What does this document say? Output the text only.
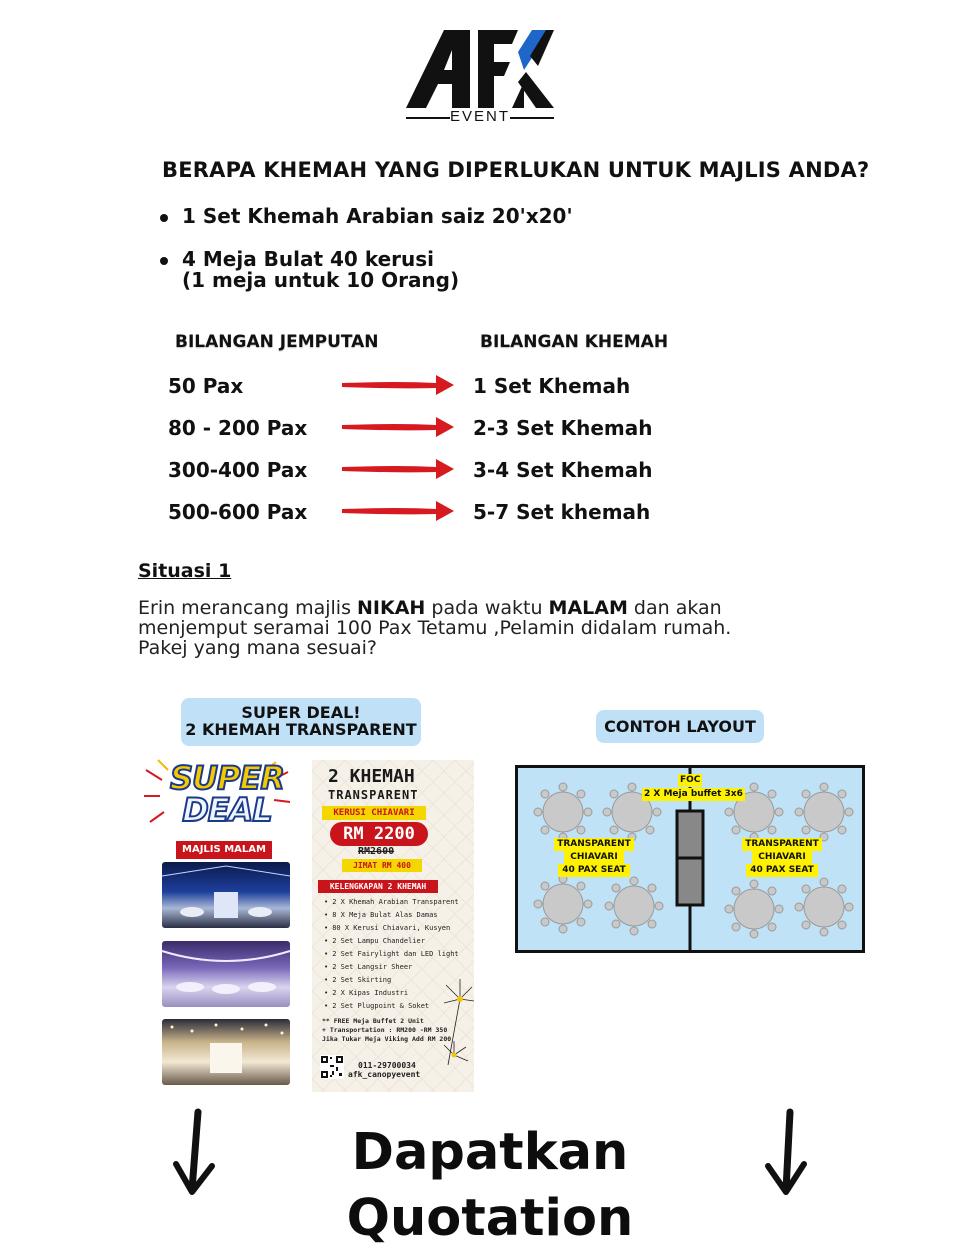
EVENT
BERAPA KHEMAH YANG DIPERLUKAN UNTUK MAJLIS ANDA?
1 Set Khemah Arabian saiz 20'x20'
4 Meja Bulat 40 kerusi
(1 meja untuk 10 Orang)
BILANGAN JEMPUTAN	BILANGAN KHEMAH
50 Pax
80 - 200 Pax
300-400 Pax
500-600 Pax
1 Set Khemah
2-3 Set Khemah
3-4 Set Khemah
5-7 Set khemah
Situasi 1
Erin merancang majlis NIKAH pada waktu MALAM dan akan
menjemput seramai 100 Pax Tetamu ,Pelamin didalam rumah.
Pakej yang mana sesuai?
SUPER DEAL!
2 KHEMAH TRANSPARENT	CONTOH LAYOUT
SUPER
DEAL
MAJLIS MALAM
2 KHEMAH
TRANSPARENT
KERUSI CHIAVARI
RM 2200
RM2600
JIMAT RM 400
KELENGKAPAN 2 KHEMAH
• 2 X Khemah Arabian Transparent
• 8 X Meja Bulat Alas Damas
• 80 X Kerusi Chiavari, Kusyen
• 2 Set Lampu Chandelier
• 2 Set Fairylight dan LED light
• 2 Set Langsir Sheer
• 2 Set Skirting
• 2 X Kipas Industri
• 2 Set Plugpoint & Soket
** FREE Meja Buffet 2 Unit
+ Transportation : RM200 -RM 350
Jika Tukar Meja Viking Add RM 200
011-29700034
afk_canopyevent
FOC
2 X Meja buffet 3x6
TRANSPARENT
CHIAVARI
40 PAX SEAT
TRANSPARENT
CHIAVARI
40 PAX SEAT
Dapatkan Quotation
